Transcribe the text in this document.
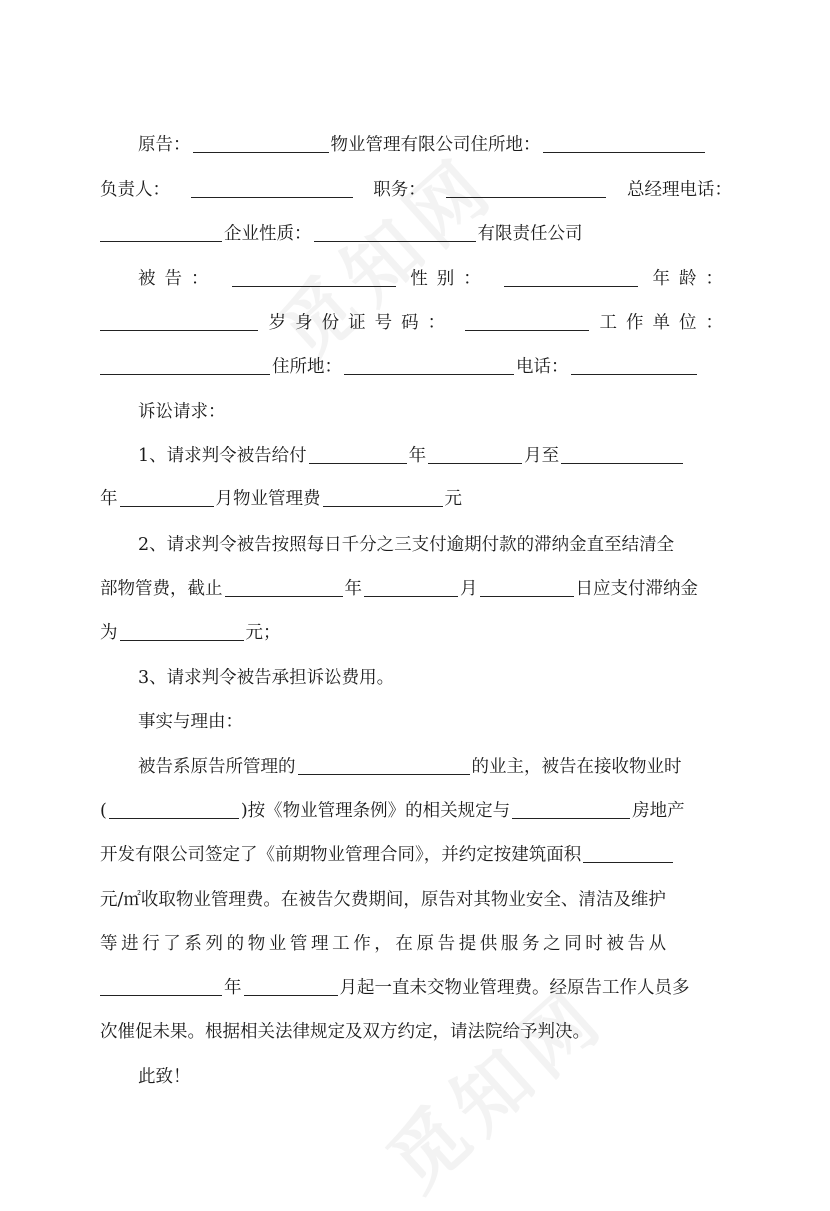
原告：	物业管理有限公司住所地：
负责人：	职务：	总经理电话：
企业性质：	有限责任公司
被告：	性别：	年龄：
岁身份证号码：	工作单位：
住所地：	电话：
诉讼请求：
1、请求判令被告给付	年	月至
年	月物业管理费	元
2、请求判令被告按照每日千分之三支付逾期付款的滞纳金直至结清全
部物管费，截止	年	月	日应支付滞纳金
为	元；
3、请求判令被告承担诉讼费用。
事实与理由：
被告系原告所管理的	的业主，被告在接收物业时
(	)按《物业管理条例》的相关规定与	房地产
开发有限公司签定了《前期物业管理合同》，并约定按建筑面积
元/㎡收取物业管理费。在被告欠费期间，原告对其物业安全、清洁及维护
等进行了系列的物业管理工作，在原告提供服务之同时被告从
年	月起一直未交物业管理费。经原告工作人员多
次催促未果。根据相关法律规定及双方约定，请法院给予判决。
此致！
